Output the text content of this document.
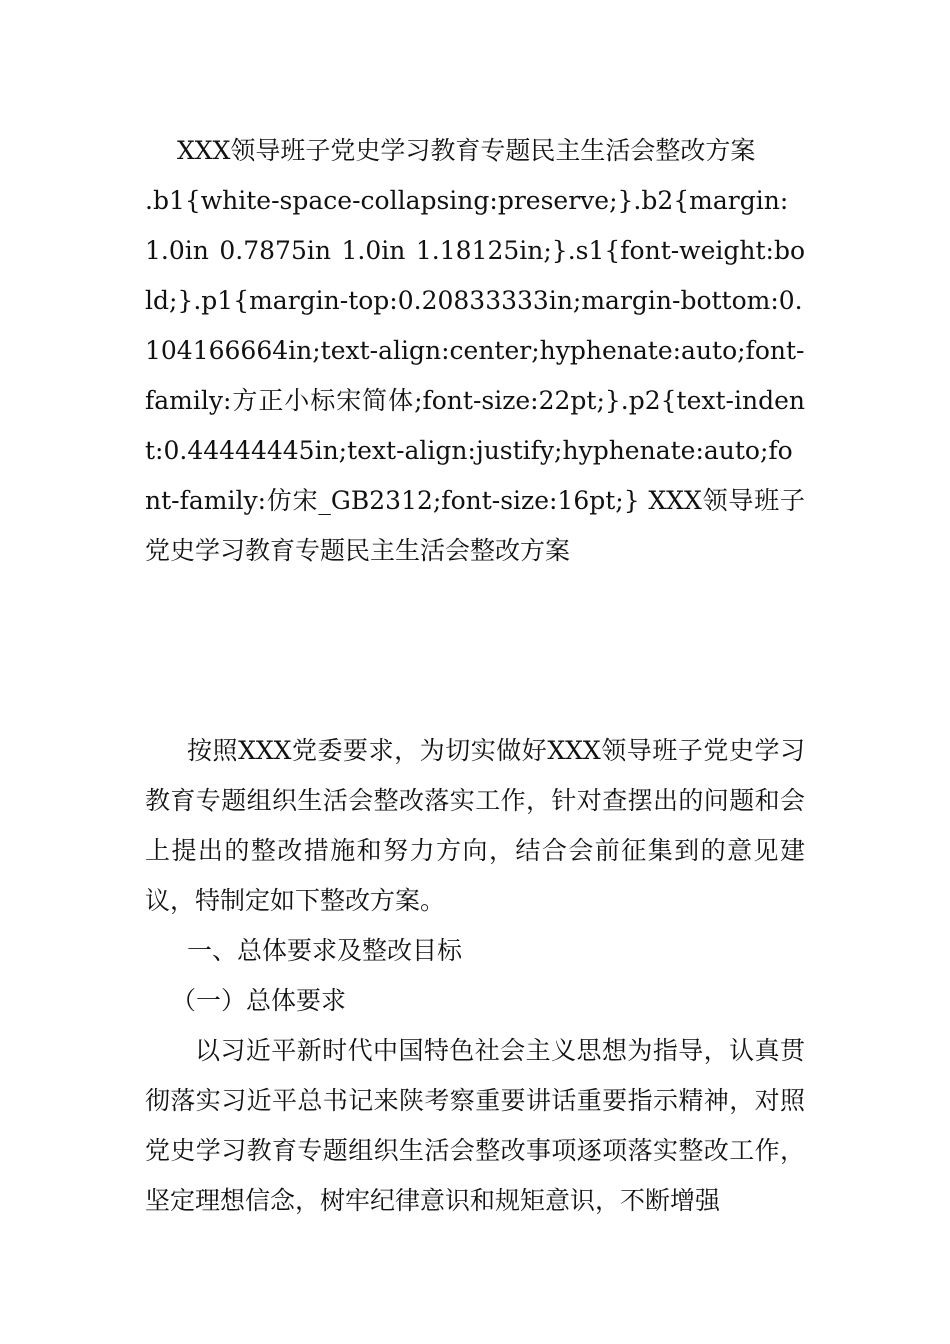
XXX领导班子党史学习教育专题民主生活会整改方案

.b1{white-space-collapsing:preserve;}.b2{margin: 1.0in 0.7875in 1.0in 1.18125in;}.s1{font-weight:bold;}.p1{margin-top:0.20833333in;margin-bottom:0.104166664in;text-align:center;hyphenate:auto;font-family:方正小标宋简体;font-size:22pt;}.p2{text-indent:0.44444445in;text-align:justify;hyphenate:auto;font-family:仿宋_GB2312;font-size:16pt;} XXX领导班子党史学习教育专题民主生活会整改方案

按照XXX党委要求，为切实做好XXX领导班子党史学习教育专题组织生活会整改落实工作，针对查摆出的问题和会上提出的整改措施和努力方向，结合会前征集到的意见建议，特制定如下整改方案。

一、总体要求及整改目标

（一）总体要求

以习近平新时代中国特色社会主义思想为指导，认真贯彻落实习近平总书记来陕考察重要讲话重要指示精神，对照党史学习教育专题组织生活会整改事项逐项落实整改工作，坚定理想信念，树牢纪律意识和规矩意识，不断增强
